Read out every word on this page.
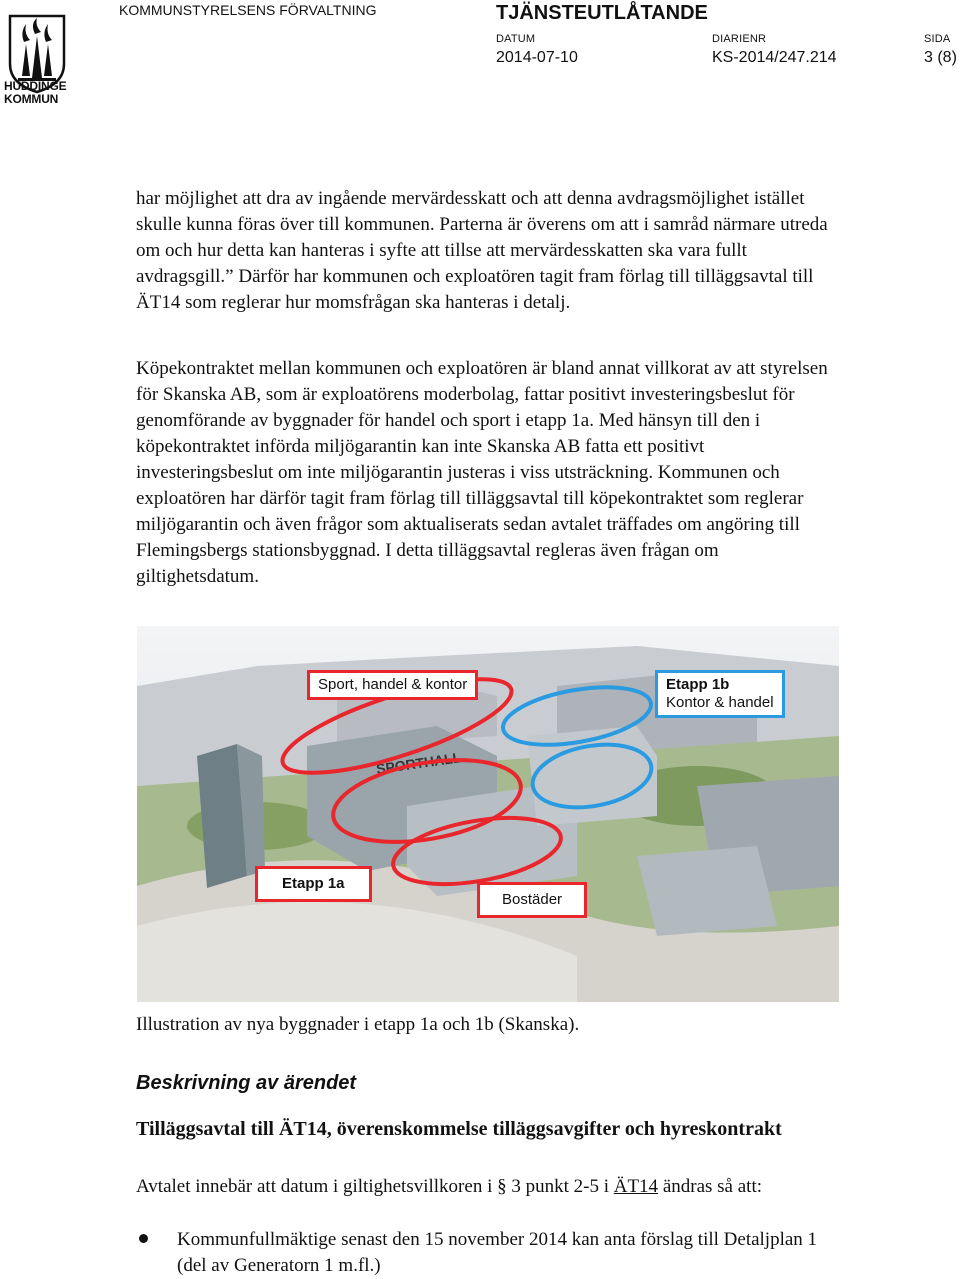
HUDDINGE
KOMMUN
KOMMUNSTYRELSENS FÖRVALTNING	TJÄNSTEUTLÅTANDE
DATUM
2014-07-10
DIARIENR
KS-2014/247.214
SIDA
3 (8)

har möjlighet att dra av ingående mervärdesskatt och att denna avdragsmöjlighet istället skulle kunna föras över till kommunen. Parterna är överens om att i samråd närmare utreda om och hur detta kan hanteras i syfte att tillse att mervärdesskatten ska vara fullt avdragsgill.” Därför har kommunen och exploatören tagit fram förlag till tilläggsavtal till ÄT14 som reglerar hur momsfrågan ska hanteras i detalj.

Köpekontraktet mellan kommunen och exploatören är bland annat villkorat av att styrelsen för Skanska AB, som är exploatörens moderbolag, fattar positivt investeringsbeslut för genomförande av byggnader för handel och sport i etapp 1a. Med hänsyn till den i köpekontraktet införda miljögarantin kan inte Skanska AB fatta ett positivt investeringsbeslut om inte miljögarantin justeras i viss utsträckning. Kommunen och exploatören har därför tagit fram förlag till tilläggsavtal till köpekontraktet som reglerar miljögarantin och även frågor som aktualiserats sedan avtalet träffades om angöring till Flemingsbergs stationsbyggnad. I detta tilläggsavtal regleras även frågan om giltighetsdatum.

SPORTHALL
Sport, handel & kontor	Etapp 1b
Kontor & handel
Etapp 1a
Bostäder
Illustration av nya byggnader i etapp 1a och 1b (Skanska).
Beskrivning av ärendet
Tilläggsavtal till ÄT14, överenskommelse tilläggsavgifter och hyreskontrakt

Avtalet innebär att datum i giltighetsvillkoren i § 3 punkt 2-5 i ÄT14 ändras så att:

Kommunfullmäktige senast den 15 november 2014 kan anta förslag till Detaljplan 1 (del av Generatorn 1 m.fl.)
